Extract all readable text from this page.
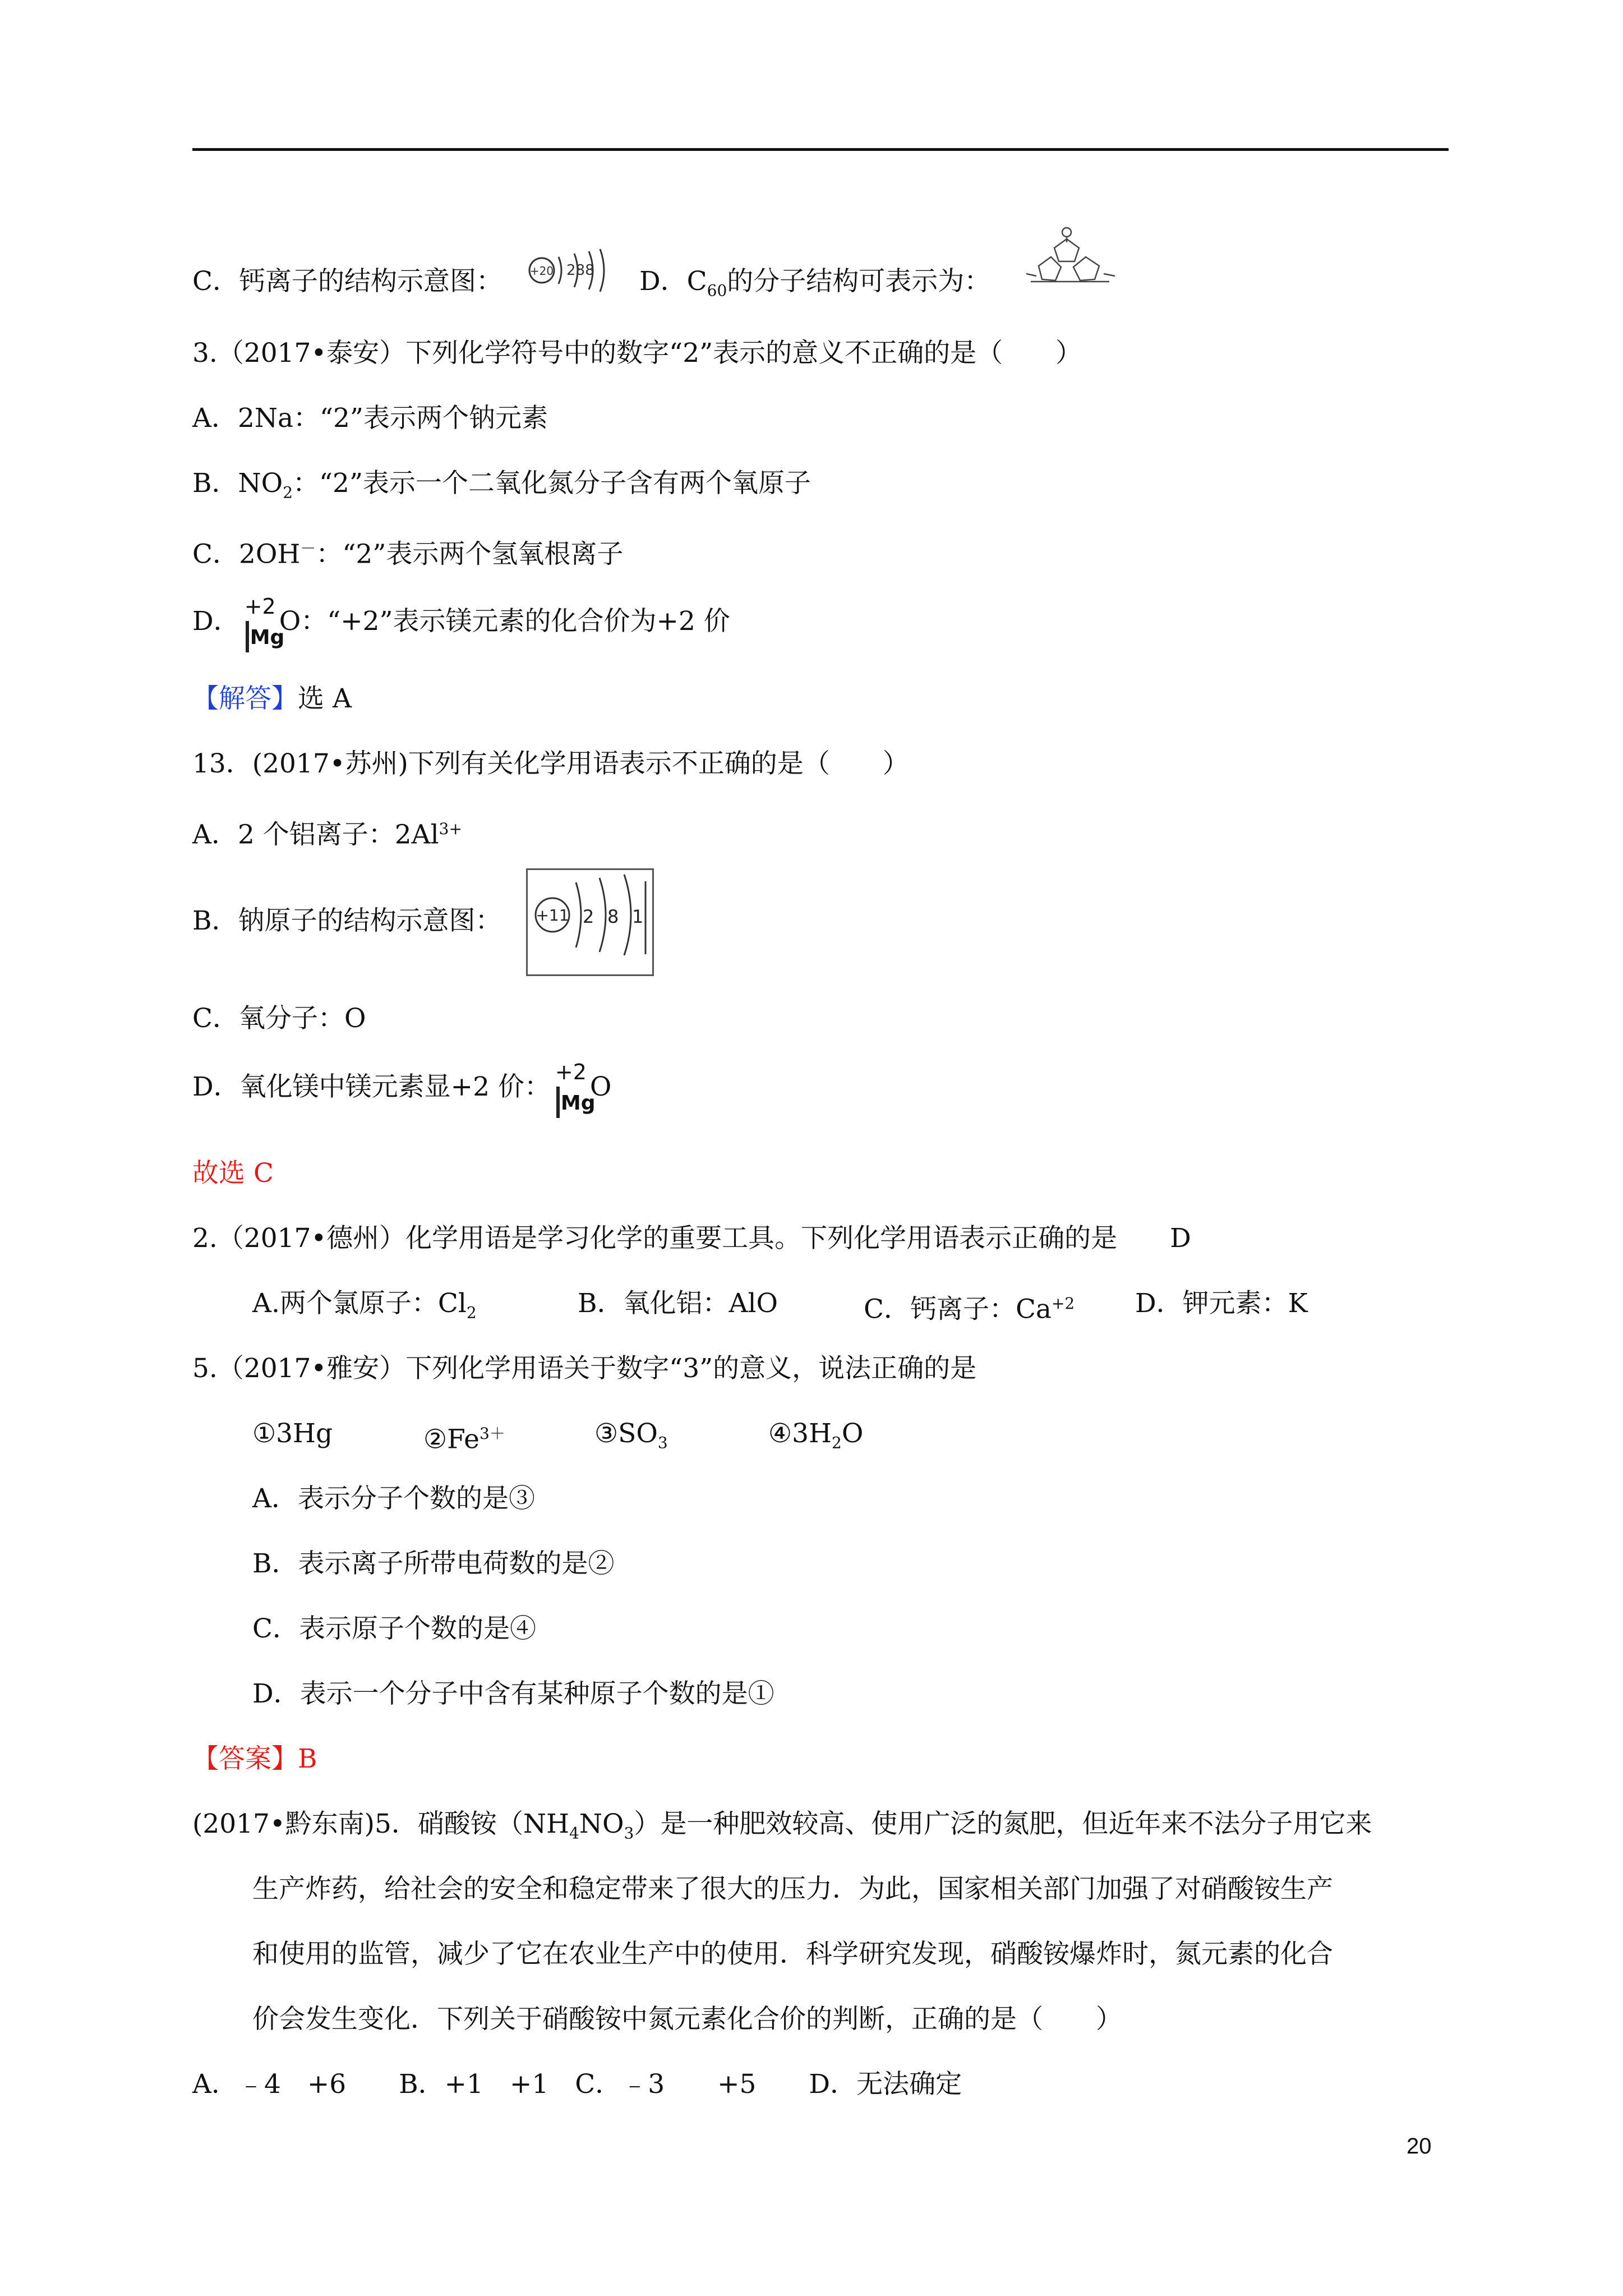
C．钙离子的结构示意图： +20 288 D．$C_{60}$的分子结构可表示为：
3.（2017•泰安）下列化学符号中的数字“2”表示的意义不正确的是（　　）
A．2Na：“2”表示两个钠元素
B．$NO_2$：“2”表示一个二氧化氮分子含有两个氧原子
C．2OH－：“2”表示两个氢氧根离子
D． +2
Mg
O：“+2”表示镁元素的化合价为+2 价
【解答】选 A
13．(2017•苏州)下列有关化学用语表示不正确的是（　　）
A．2 个铝离子：$2Al^{3+}$
B．钠原子的结构示意图： +11 2 8 1
C．氧分子：O
D．氧化镁中镁元素显+2 价： +2
Mg
O
故选 C
2.（2017•德州）化学用语是学习化学的重要工具。下列化学用语表示正确的是　　D
A.两个氯原子：$Cl_2$	B．氧化铝：AlO	C．钙离子：$Ca^{+2}$ D．钾元素：K
5.（2017•雅安）下列化学用语关于数字“3”的意义，说法正确的是
①3Hg	$②Fe^{3+}$	$③SO_3$	$④3H_2O$
A．表示分子个数的是③
B．表示离子所带电荷数的是②
C．表示原子个数的是④
D．表示一个分子中含有某种原子个数的是①
【答案】B
(2017•黔东南)5．硝酸铵$(NH_4NO_3)$是一种肥效较高、使用广泛的氮肥，但近年来不法分子用它来
生产炸药，给社会的安全和稳定带来了很大的压力．为此，国家相关部门加强了对硝酸铵生产
和使用的监管，减少了它在农业生产中的使用．科学研究发现，硝酸铵爆炸时，氮元素的化合
价会发生变化．下列关于硝酸铵中氮元素化合价的判断，正确的是（　　）
A．﹣4　+6　　B．+1　+1　C．﹣3　　+5　　D．无法确定
20
